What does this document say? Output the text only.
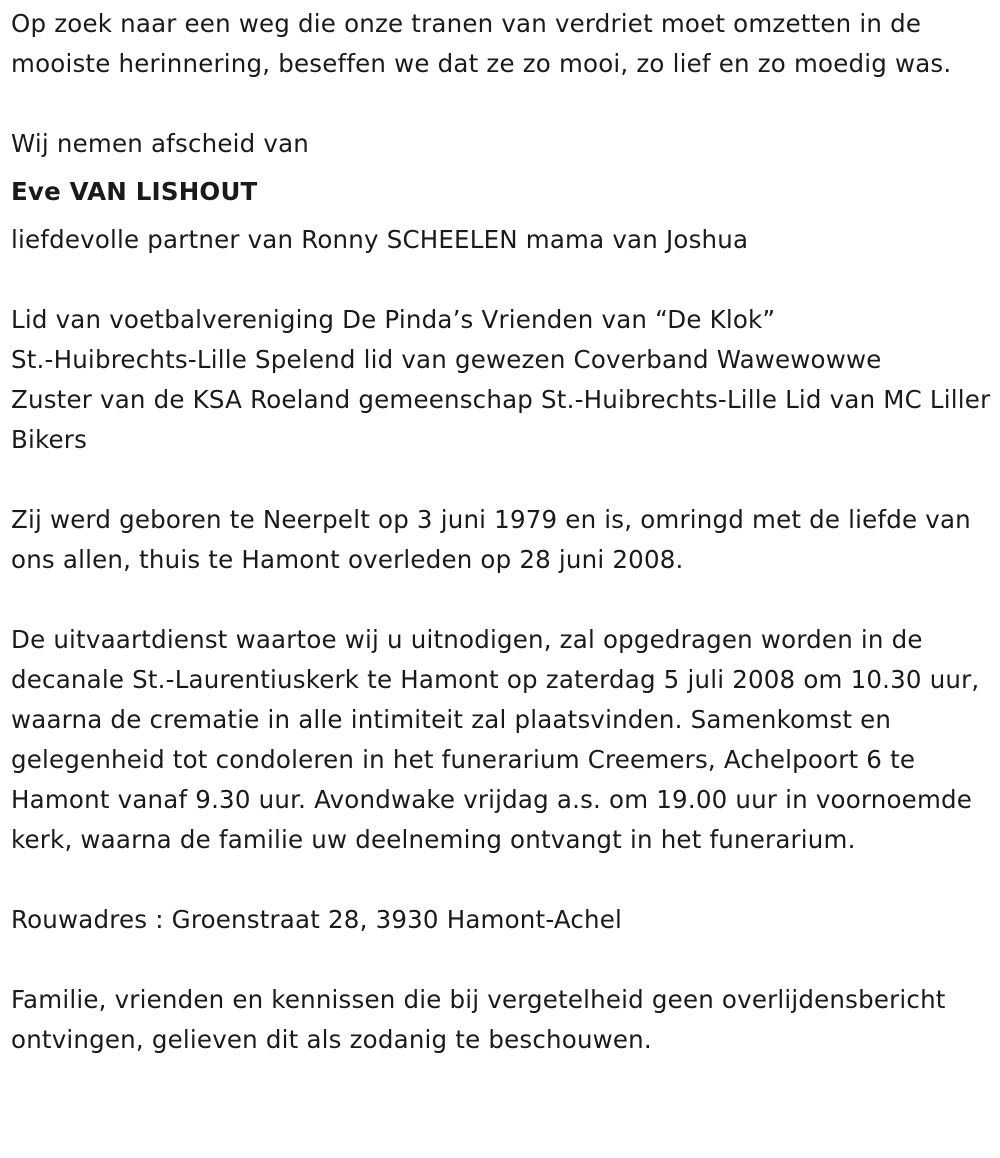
Op zoek naar een weg die onze tranen van verdriet moet omzetten in de mooiste herinnering, beseffen we dat ze zo mooi, zo lief en zo moedig was.

Wij nemen afscheid van

Eve VAN LISHOUT

liefdevolle partner van Ronny SCHEELEN mama van Joshua

Lid van voetbalvereniging De Pinda’s Vrienden van “De Klok”

St.-Huibrechts-Lille Spelend lid van gewezen Coverband Wawewowwe

Zuster van de KSA Roeland gemeenschap St.-Huibrechts-Lille Lid van MC Liller Bikers

Zij werd geboren te Neerpelt op 3 juni 1979 en is, omringd met de liefde van ons allen, thuis te Hamont overleden op 28 juni 2008.

De uitvaartdienst waartoe wij u uitnodigen, zal opgedragen worden in de decanale St.-Laurentiuskerk te Hamont op zaterdag 5 juli 2008 om 10.30 uur, waarna de crematie in alle intimiteit zal plaatsvinden. Samenkomst en gelegenheid tot condoleren in het funerarium Creemers, Achelpoort 6 te Hamont vanaf 9.30 uur. Avondwake vrijdag a.s. om 19.00 uur in voornoemde kerk, waarna de familie uw deelneming ontvangt in het funerarium.

Rouwadres : Groenstraat 28, 3930 Hamont-Achel

Familie, vrienden en kennissen die bij vergetelheid geen overlijdensbericht ontvingen, gelieven dit als zodanig te beschouwen.
